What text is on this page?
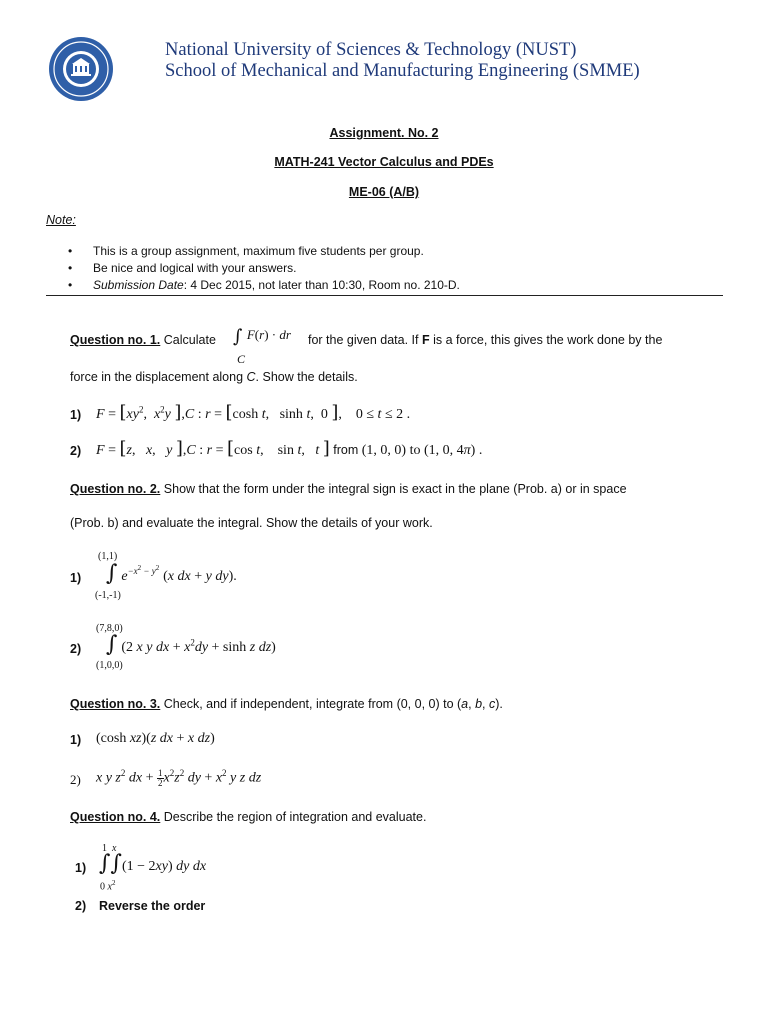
National University of Sciences & Technology (NUST)
School of Mechanical and Manufacturing Engineering (SMME)
Assignment. No. 2
MATH-241 Vector Calculus and PDEs
ME-06 (A/B)
Note:
• This is a group assignment, maximum five students per group.
• Be nice and logical with your answers.
• Submission Date: 4 Dec 2015, not later than 10:30, Room no. 210-D.
Question no. 1. Calculate ∫ F(r) · dr
C
for the given data. If F is a force, this gives the work done by the
force in the displacement along C. Show the details.
1) $F = [xy^2$,  $x^2y$ ],C : r = [cosh t, sinh t, 0 ], 0 ≤ t ≤ 2 .
2) F = [z,   x,   y ],C : r = [cos t, sin t,   t ] from (1, 0, 0) to (1, 0, 4π) .
Question no. 2. Show that the form under the integral sign is exact in the plane (Prob. a) or in space
(Prob. b) and evaluate the integral. Show the details of your work.
(1,1)
1) ∫ $e^{-x^2 - y^2}$ (x dx + y dy).
(-1,-1)
(7,8,0)
2) ∫ (2 x y dx + $x^2dy + \sinh z$ dz)
(1,0,0)
Question no. 3. Check, and if independent, integrate from (0, 0, 0) to (a, b, c).
1) (cosh xz)(z dx + x dz)
2) x y $z^2$ dx + 1
$2x^2z^2$ dy + $x^2$ y z dz
Question no. 4. Describe the region of integration and evaluate.
1  x
1) ∫∫(1 − 2xy) dy dx
0 $x^2$
2) Reverse the order
